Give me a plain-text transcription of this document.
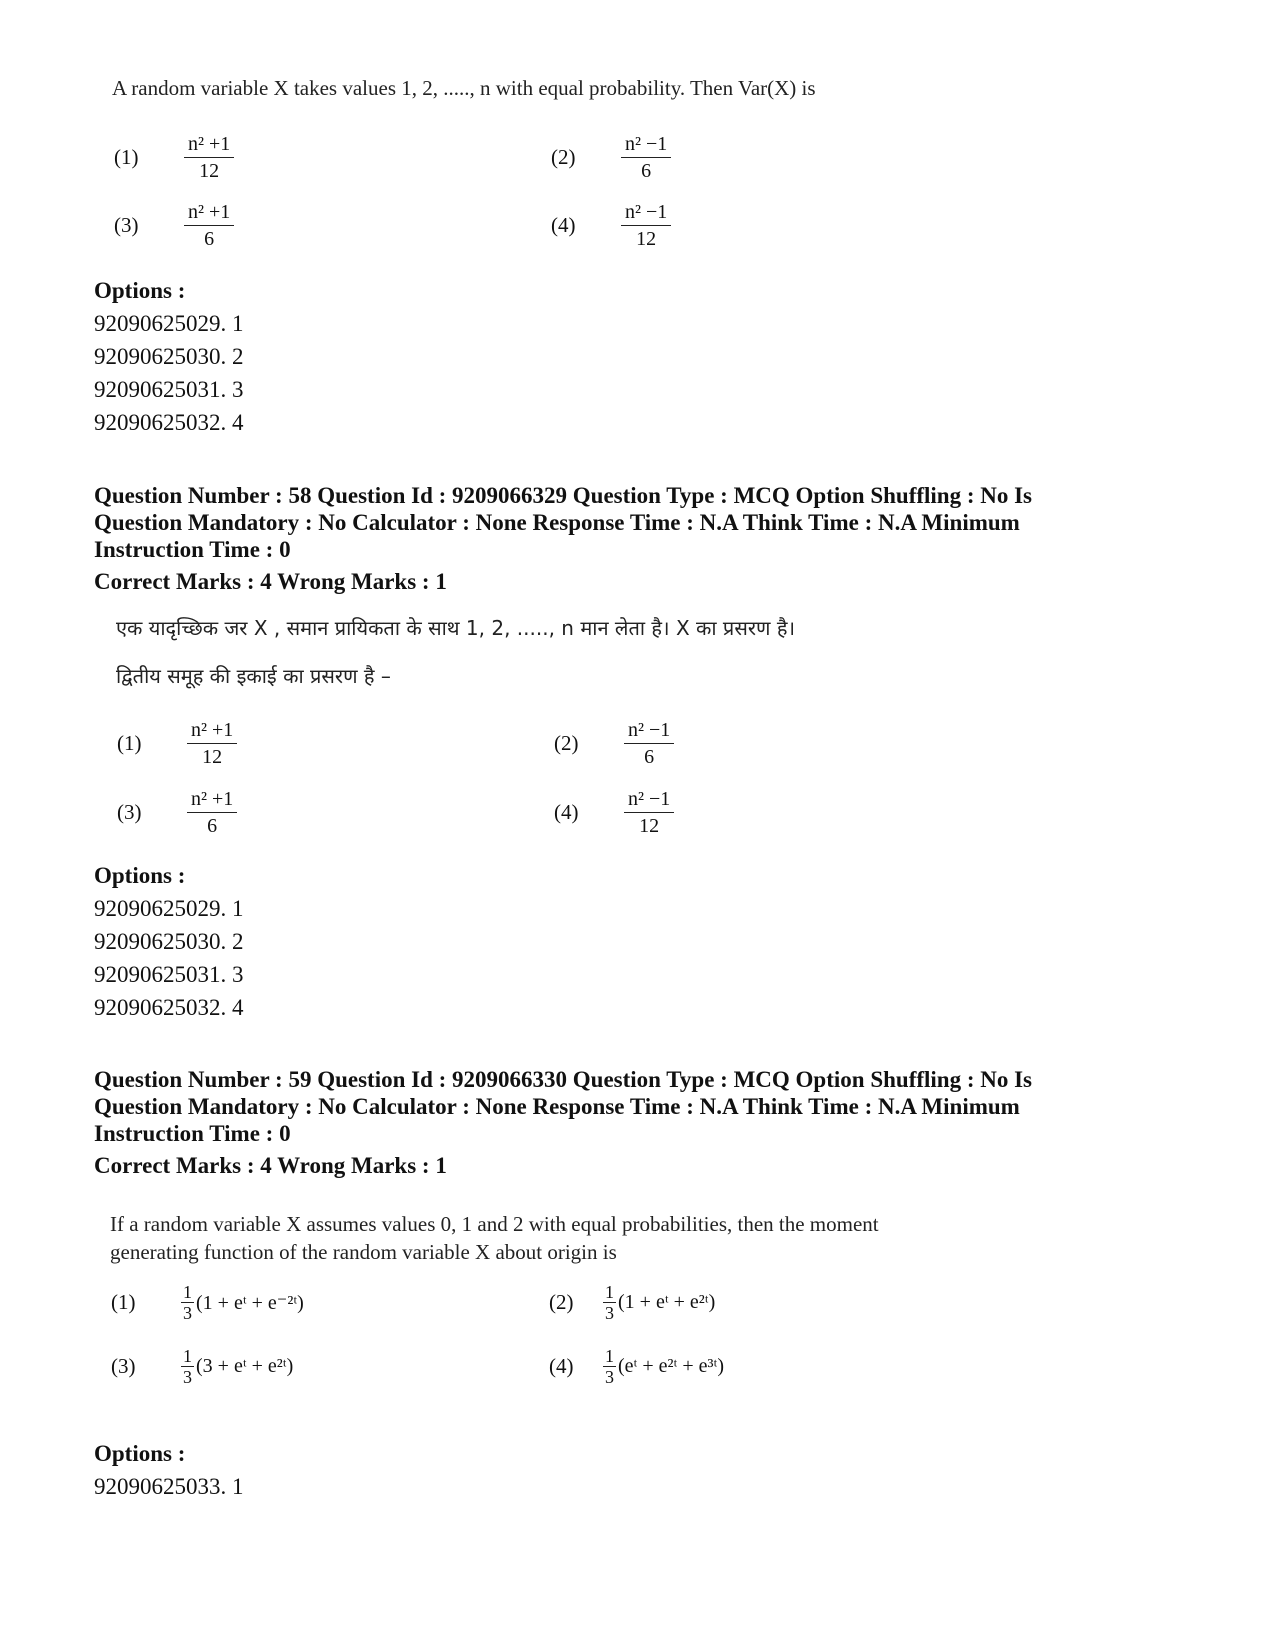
A random variable X takes values 1, 2, ....., n with equal probability. Then Var(X) is

(1)	$\frac{\text{n² +1}}{12}$	(2)	$\frac{\text{n² −1}}{6}$
(3)	$\frac{\text{n² +1}}{6}$	(4)	$\frac{\text{n² −1}}{12}$
Options :
92090625029. 1
92090625030. 2
92090625031. 3
92090625032. 4
Question Number : 58 Question Id : 9209066329 Question Type : MCQ Option Shuffling : No Is
Question Mandatory : No Calculator : None Response Time : N.A Think Time : N.A Minimum
Instruction Time : 0
Correct Marks : 4 Wrong Marks : 1

एक यादृच्छिक जर X , समान प्रायिकता के साथ 1, 2, ....., n मान लेता है। X का प्रसरण है।

द्वितीय समूह की इकाई का प्रसरण है –

(1)	$\frac{\text{n² +1}}{12}$	(2)	$\frac{\text{n² −1}}{6}$
(3)	$\frac{\text{n² +1}}{6}$	(4)	$\frac{\text{n² −1}}{12}$
Options :
92090625029. 1
92090625030. 2
92090625031. 3
92090625032. 4
Question Number : 59 Question Id : 9209066330 Question Type : MCQ Option Shuffling : No Is
Question Mandatory : No Calculator : None Response Time : N.A Think Time : N.A Minimum
Instruction Time : 0
Correct Marks : 4 Wrong Marks : 1

If a random variable X assumes values 0, 1 and 2 with equal probabilities, then the moment

generating function of the random variable X about origin is

(1)	$\frac{1}{3} (1$ + eᵗ + e⁻²ᵗ)	(2)	$\frac{1}{3} (1$ + eᵗ + e²ᵗ)
(3)	$\frac{1}{3} (3$ + eᵗ + e²ᵗ)	(4)	$\frac{1}{3}$ (eᵗ + e²ᵗ + e³ᵗ)
Options :
92090625033. 1
